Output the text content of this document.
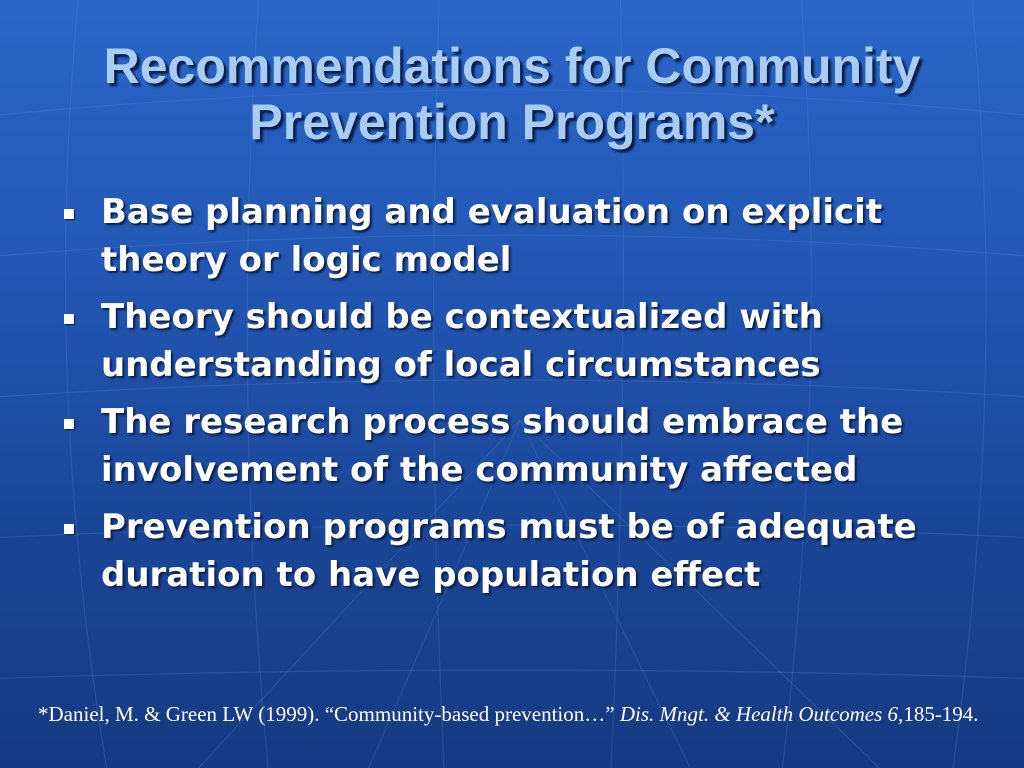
Recommendations for Community
Prevention Programs*
Base planning and evaluation on explicit theory or logic model
Theory should be contextualized with understanding of local circumstances
The research process should embrace the involvement of the community affected
Prevention programs must be of adequate duration to have population effect
*Daniel, M. & Green LW (1999). “Community-based prevention…” Dis. Mngt. & Health Outcomes 6,185-194.
